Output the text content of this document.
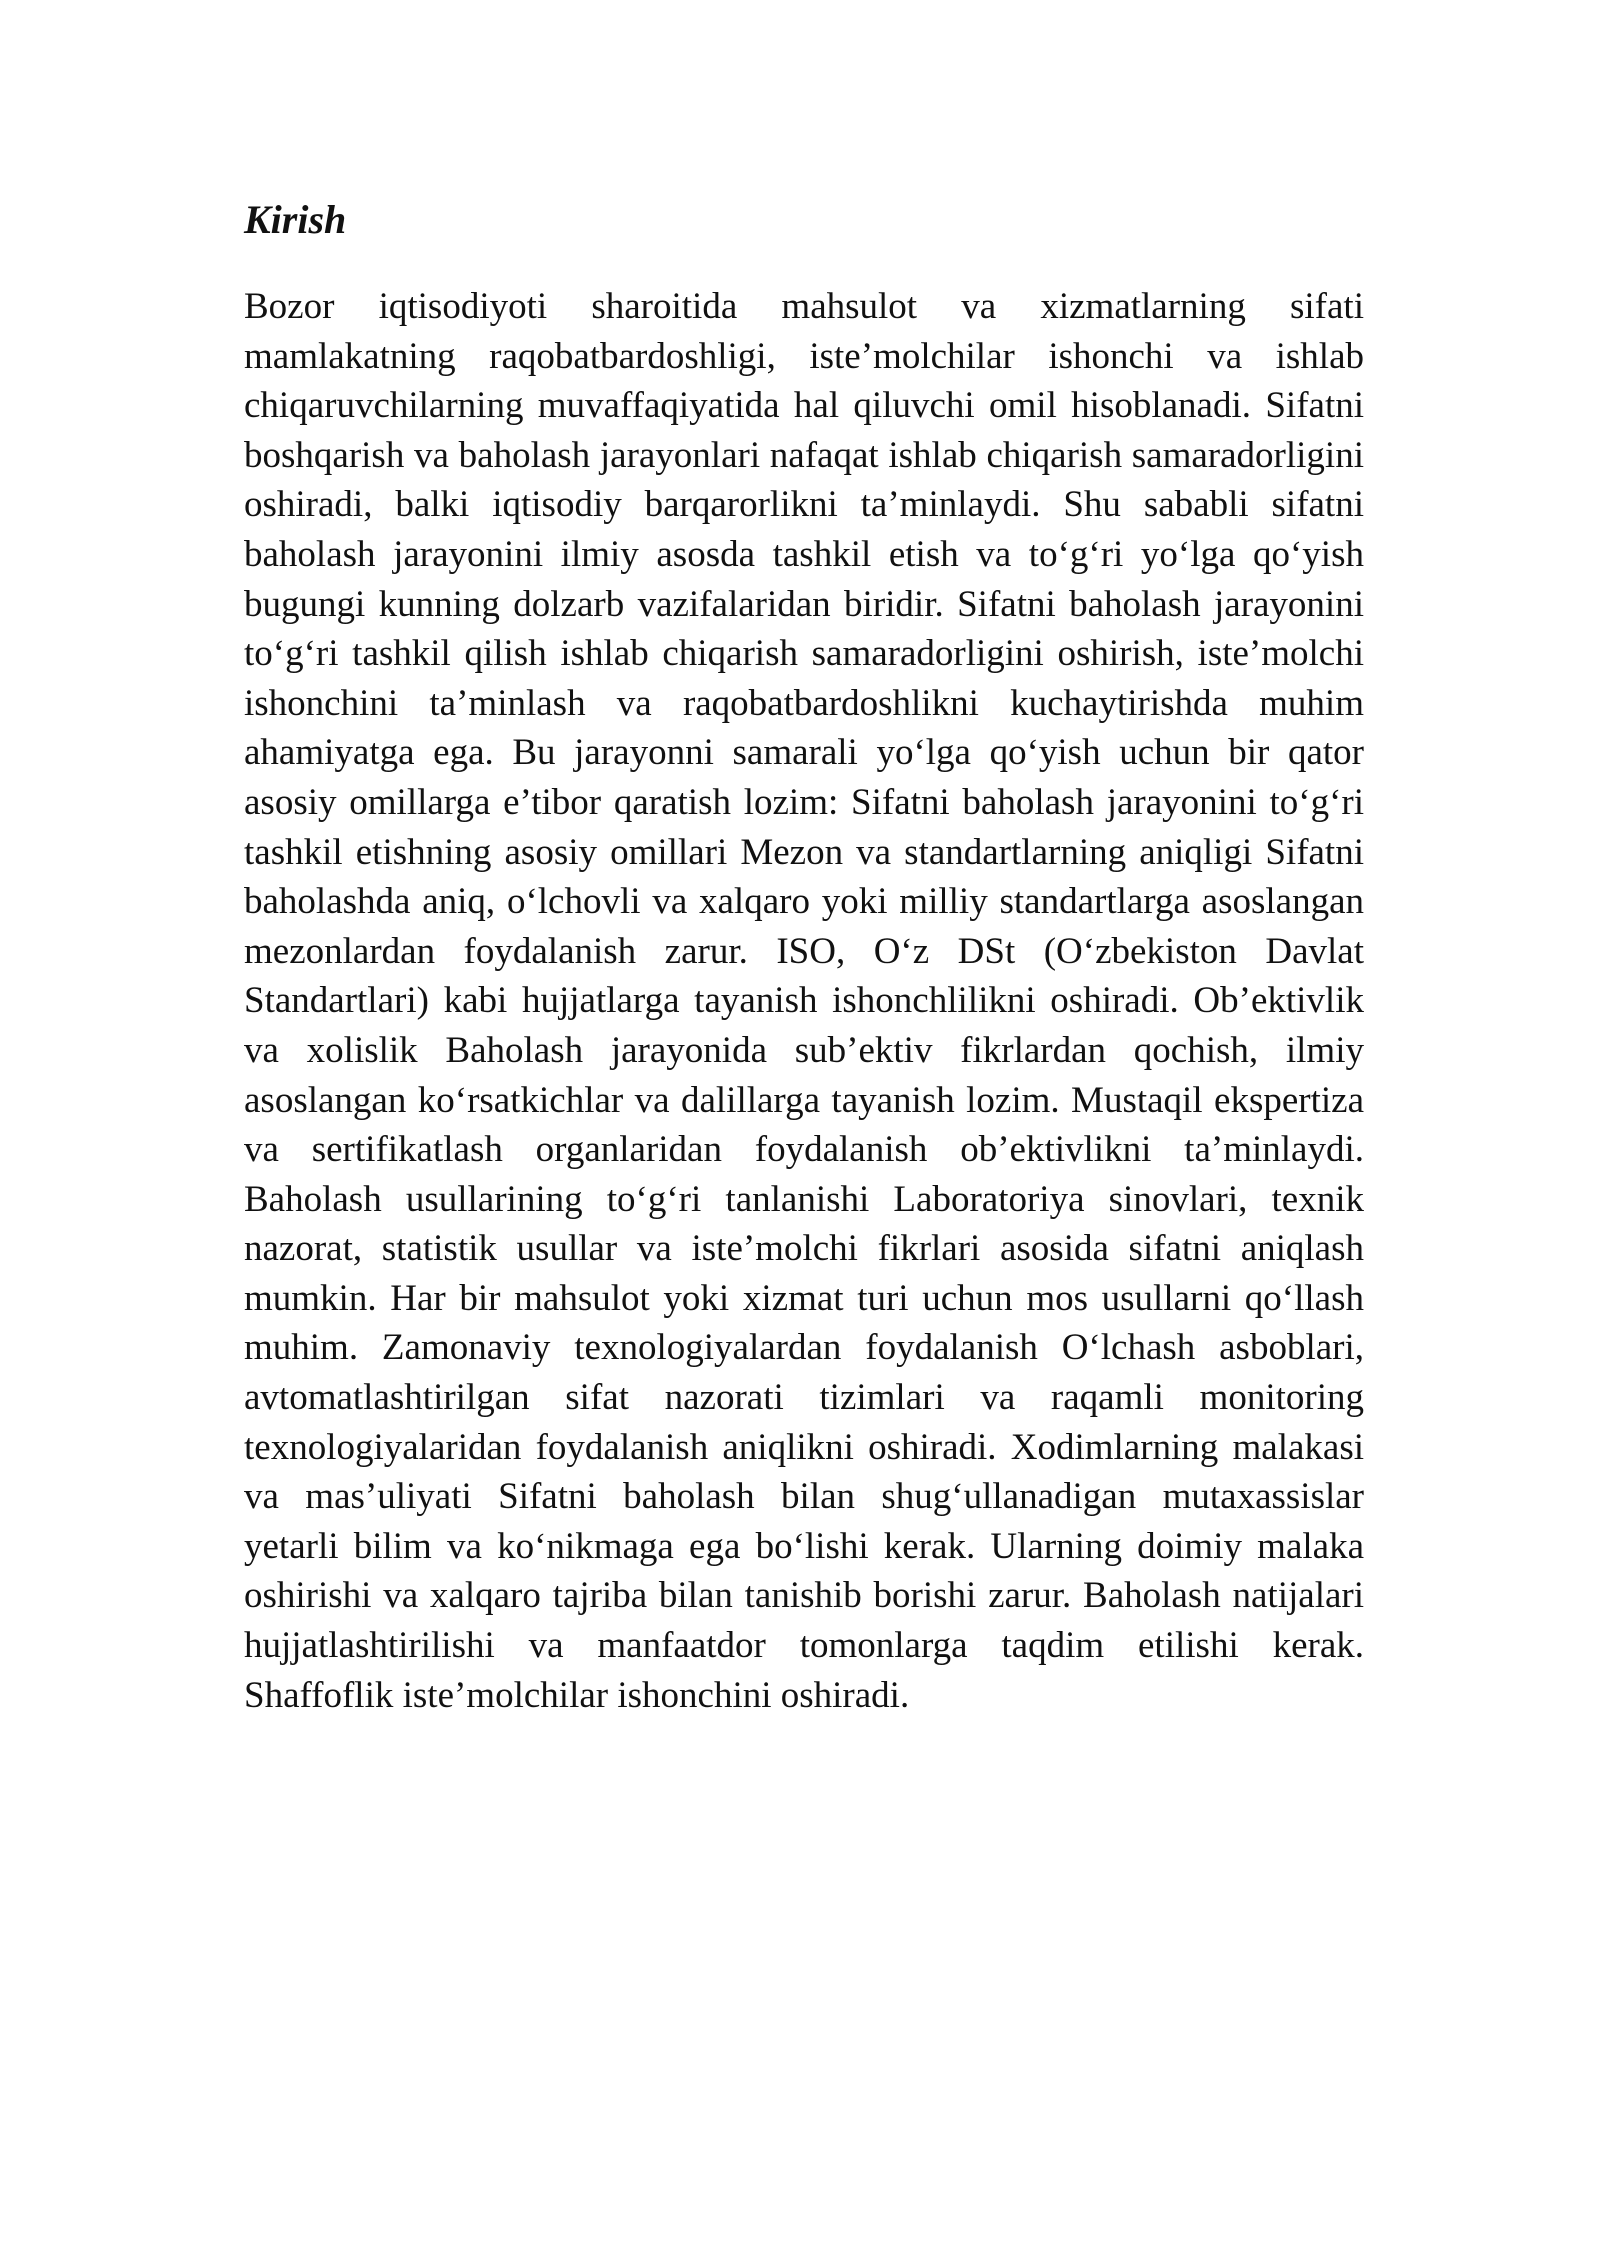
Kirish

Bozor iqtisodiyoti sharoitida mahsulot va xizmatlarning sifati mamlakatning raqobatbardoshligi, iste’molchilar ishonchi va ishlab chiqaruvchilarning muvaffaqiyatida hal qiluvchi omil hisoblanadi. Sifatni boshqarish va baholash jarayonlari nafaqat ishlab chiqarish samaradorligini oshiradi, balki iqtisodiy barqarorlikni ta’minlaydi. Shu sababli sifatni baholash jarayonini ilmiy asosda tashkil etish va to‘g‘ri yo‘lga qo‘yish bugungi kunning dolzarb vazifalaridan biridir. Sifatni baholash jarayonini to‘g‘ri tashkil qilish ishlab chiqarish samaradorligini oshirish, iste’molchi ishonchini ta’minlash va raqobatbardoshlikni kuchaytirishda muhim ahamiyatga ega. Bu jarayonni samarali yo‘lga qo‘yish uchun bir qator asosiy omillarga e’tibor qaratish lozim: Sifatni baholash jarayonini to‘g‘ri tashkil etishning asosiy omillari Mezon va standartlarning aniqligi Sifatni baholashda aniq, o‘lchovli va xalqaro yoki milliy standartlarga asoslangan mezonlardan foydalanish zarur. ISO, O‘z DSt (O‘zbekiston Davlat Standartlari) kabi hujjatlarga tayanish ishonchlilikni oshiradi. Ob’ektivlik va xolislik Baholash jarayonida sub’ektiv fikrlardan qochish, ilmiy asoslangan ko‘rsatkichlar va dalillarga tayanish lozim. Mustaqil ekspertiza va sertifikatlash organlaridan foydalanish ob’ektivlikni ta’minlaydi. Baholash usullarining to‘g‘ri tanlanishi Laboratoriya sinovlari, texnik nazorat, statistik usullar va iste’molchi fikrlari asosida sifatni aniqlash mumkin. Har bir mahsulot yoki xizmat turi uchun mos usullarni qo‘llash muhim. Zamonaviy texnologiyalardan foydalanish O‘lchash asboblari, avtomatlashtirilgan sifat nazorati tizimlari va raqamli monitoring texnologiyalaridan foydalanish aniqlikni oshiradi. Xodimlarning malakasi va mas’uliyati Sifatni baholash bilan shug‘ullanadigan mutaxassislar yetarli bilim va ko‘nikmaga ega bo‘lishi kerak. Ularning doimiy malaka oshirishi va xalqaro tajriba bilan tanishib borishi zarur. Baholash natijalari hujjatlashtirilishi va manfaatdor tomonlarga taqdim etilishi kerak. Shaffoflik iste’molchilar ishonchini oshiradi.
